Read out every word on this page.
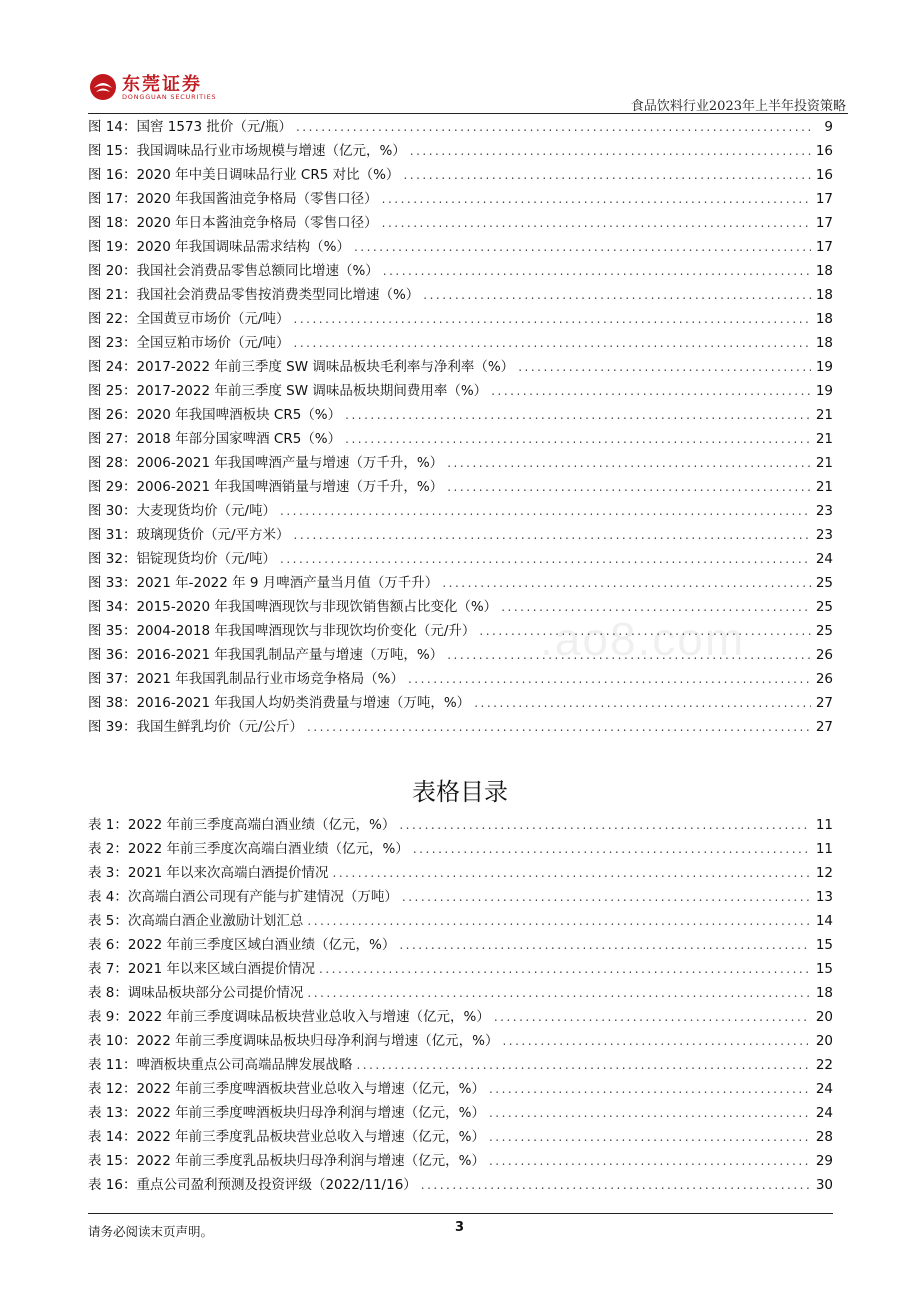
东莞证券
DONGGUAN SECURITIES
食品饮料行业2023年上半年投资策略
图 14：国窖 1573 批价（元/瓶） .....	9
图 15：我国调味品行业市场规模与增速（亿元，%） .....	16
图 16：2020 年中美日调味品行业 CR5 对比（%） .....	16
图 17：2020 年我国酱油竞争格局（零售口径） .....	17
图 18：2020 年日本酱油竞争格局（零售口径） .....	17
图 19：2020 年我国调味品需求结构（%） .....	17
图 20：我国社会消费品零售总额同比增速（%） .....	18
图 21：我国社会消费品零售按消费类型同比增速（%） .....	18
图 22：全国黄豆市场价（元/吨） .....	18
图 23：全国豆粕市场价（元/吨） .....	18
图 24：2017-2022 年前三季度 SW 调味品板块毛利率与净利率（%） .....	19
图 25：2017-2022 年前三季度 SW 调味品板块期间费用率（%） .....	19
图 26：2020 年我国啤酒板块 CR5（%） .....	21
图 27：2018 年部分国家啤酒 CR5（%） .....	21
图 28：2006-2021 年我国啤酒产量与增速（万千升，%） .....	21
图 29：2006-2021 年我国啤酒销量与增速（万千升，%） .....	21
图 30：大麦现货均价（元/吨） .....	23
图 31：玻璃现货价（元/平方米） .....	23
图 32：铝锭现货均价（元/吨） .....	24
图 33：2021 年-2022 年 9 月啤酒产量当月值（万千升） .....	25
图 34：2015-2020 年我国啤酒现饮与非现饮销售额占比变化（%） .....	25
图 35：2004-2018 年我国啤酒现饮与非现饮均价变化（元/升） .....	25
图 36：2016-2021 年我国乳制品产量与增速（万吨，%） .....	26
图 37：2021 年我国乳制品行业市场竞争格局（%） .....	26
图 38：2016-2021 年我国人均奶类消费量与增速（万吨，%） .....	27
图 39：我国生鲜乳均价（元/公斤） .....	27
表格目录
表 1：2022 年前三季度高端白酒业绩（亿元，%） .....	11
表 2：2022 年前三季度次高端白酒业绩（亿元，%） .....	11
表 3：2021 年以来次高端白酒提价情况 .....	12
表 4：次高端白酒公司现有产能与扩建情况（万吨） .....	13
表 5：次高端白酒企业激励计划汇总 .....	14
表 6：2022 年前三季度区域白酒业绩（亿元，%） .....	15
表 7：2021 年以来区域白酒提价情况 .....	15
表 8：调味品板块部分公司提价情况 .....	18
表 9：2022 年前三季度调味品板块营业总收入与增速（亿元，%） .....	20
表 10：2022 年前三季度调味品板块归母净利润与增速（亿元，%） .....	20
表 11：啤酒板块重点公司高端品牌发展战略 .....	22
表 12：2022 年前三季度啤酒板块营业总收入与增速（亿元，%） .....	24
表 13：2022 年前三季度啤酒板块归母净利润与增速（亿元，%） .....	24
表 14：2022 年前三季度乳品板块营业总收入与增速（亿元，%） .....	28
表 15：2022 年前三季度乳品板块归母净利润与增速（亿元，%） .....	29
表 16：重点公司盈利预测及投资评级（2022/11/16） .....	30
.ao8.com
请务必阅读末页声明。	3
